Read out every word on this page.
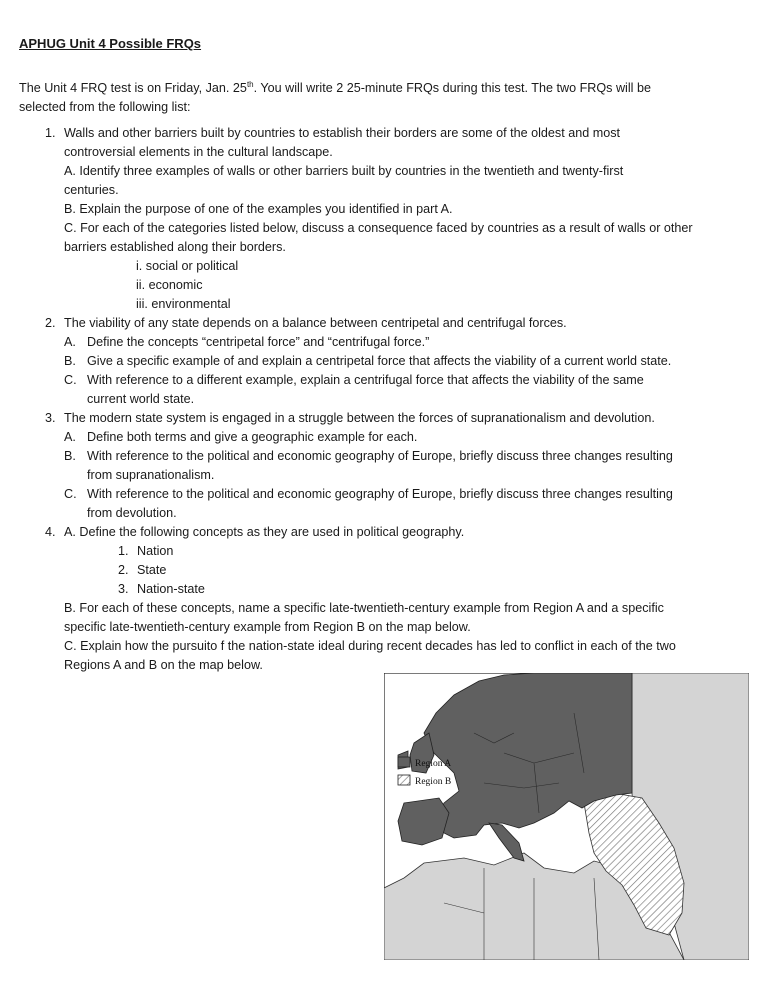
APHUG Unit 4 Possible FRQs
The Unit 4 FRQ test is on Friday, Jan. 25th. You will write 2 25-minute FRQs during this test. The two FRQs will be
selected from the following list:
1. Walls and other barriers built by countries to establish their borders are some of the oldest and most
controversial elements in the cultural landscape.
A. Identify three examples of walls or other barriers built by countries in the twentieth and twenty-first
centuries.
B. Explain the purpose of one of the examples you identified in part A.
C. For each of the categories listed below, discuss a consequence faced by countries as a result of walls or other
barriers established along their borders.
i. social or political
ii. economic
iii. environmental
2. The viability of any state depends on a balance between centripetal and centrifugal forces.
A. Define the concepts “centripetal force” and “centrifugal force.”
B. Give a specific example of and explain a centripetal force that affects the viability of a current world state.
C. With reference to a different example, explain a centrifugal force that affects the viability of the same
current world state.
3. The modern state system is engaged in a struggle between the forces of supranationalism and devolution.
A. Define both terms and give a geographic example for each.
B. With reference to the political and economic geography of Europe, briefly discuss three changes resulting
from supranationalism.
C. With reference to the political and economic geography of Europe, briefly discuss three changes resulting
from devolution.
4. A. Define the following concepts as they are used in political geography.
1. Nation
2. State
3. Nation-state
B. For each of these concepts, name a specific late-twentieth-century example from Region A and a specific
specific late-twentieth-century example from Region B on the map below.
C. Explain how the pursuito f the nation-state ideal during recent decades has led to conflict in each of the two
Regions A and B on the map below.
Region A
Region B
